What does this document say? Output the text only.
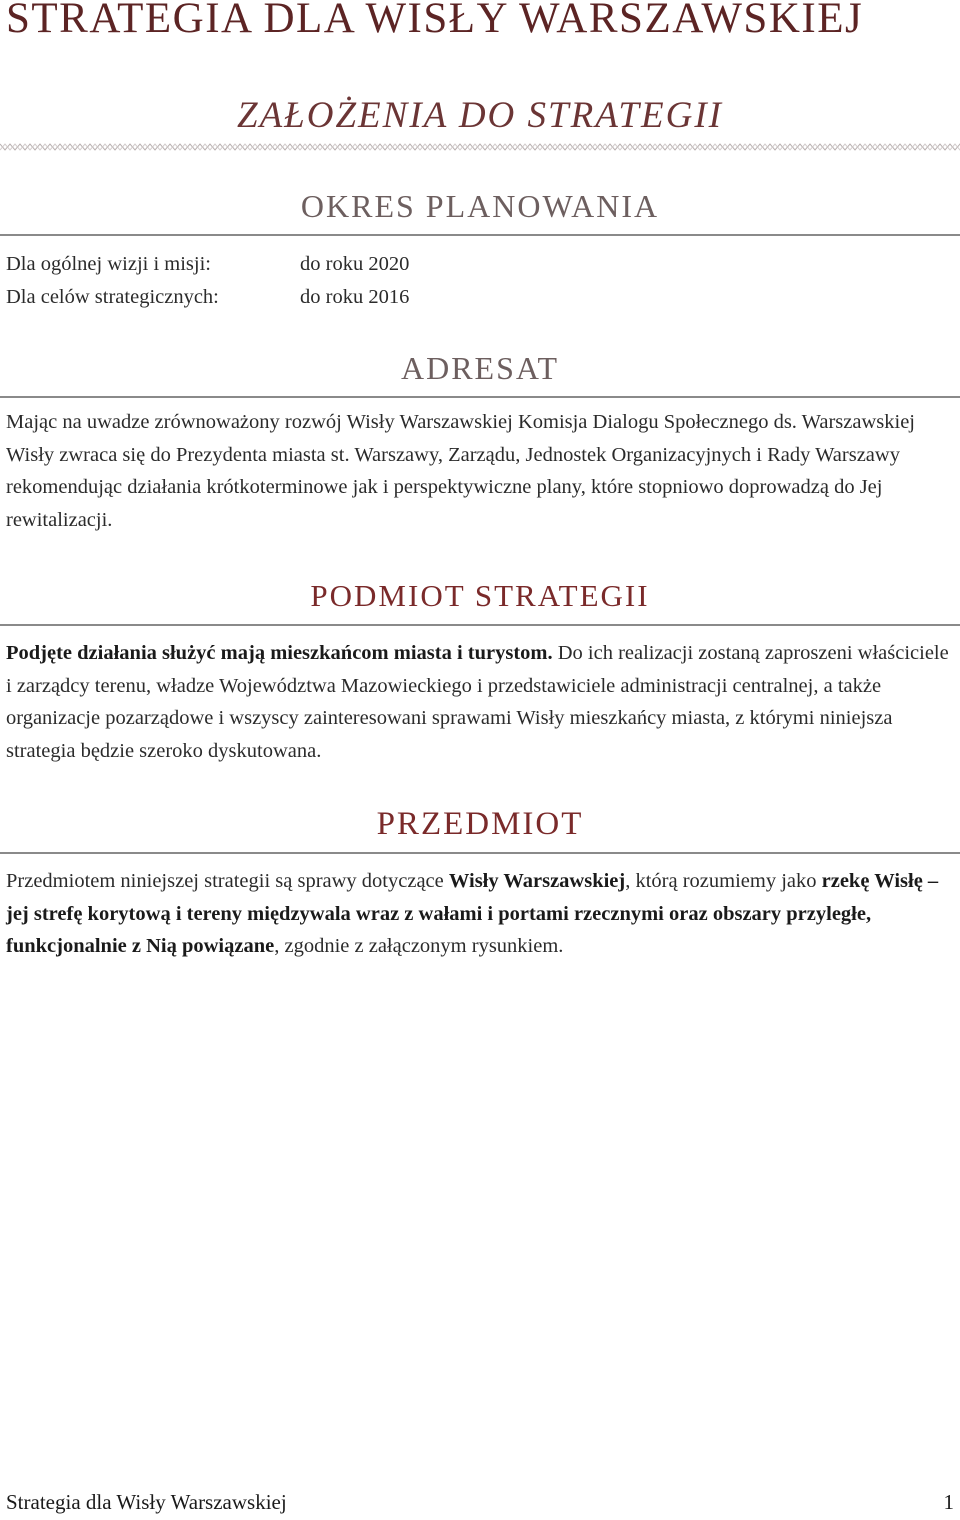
STRATEGIA DLA WISŁY WARSZAWSKIEJ
ZAŁOŻENIA DO STRATEGII
OKRES PLANOWANIA
Dla ogólnej wizji i misji:	do roku 2020
Dla celów strategicznych:	do roku 2016
ADRESAT

Mając na uwadze zrównoważony rozwój Wisły Warszawskiej Komisja Dialogu Społecznego ds. Warszawskiej Wisły zwraca się do Prezydenta miasta st. Warszawy, Zarządu, Jednostek Organizacyjnych i Rady Warszawy rekomendując działania krótkoterminowe jak i perspektywiczne plany, które stopniowo doprowadzą do Jej rewitalizacji.

PODMIOT STRATEGII

Podjęte działania służyć mają mieszkańcom miasta i turystom. Do ich realizacji zostaną zaproszeni właściciele i zarządcy terenu, władze Województwa Mazowieckiego i przedstawiciele administracji centralnej, a także organizacje pozarządowe i wszyscy zainteresowani sprawami Wisły mieszkańcy miasta, z którymi niniejsza strategia będzie szeroko dyskutowana.

PRZEDMIOT

Przedmiotem niniejszej strategii są sprawy dotyczące Wisły Warszawskiej, którą rozumiemy jako rzekę Wisłę – jej strefę korytową i tereny międzywala wraz z wałami i portami rzecznymi oraz obszary przyległe, funkcjonalnie z Nią powiązane, zgodnie z załączonym rysunkiem.

Strategia dla Wisły Warszawskiej	1
